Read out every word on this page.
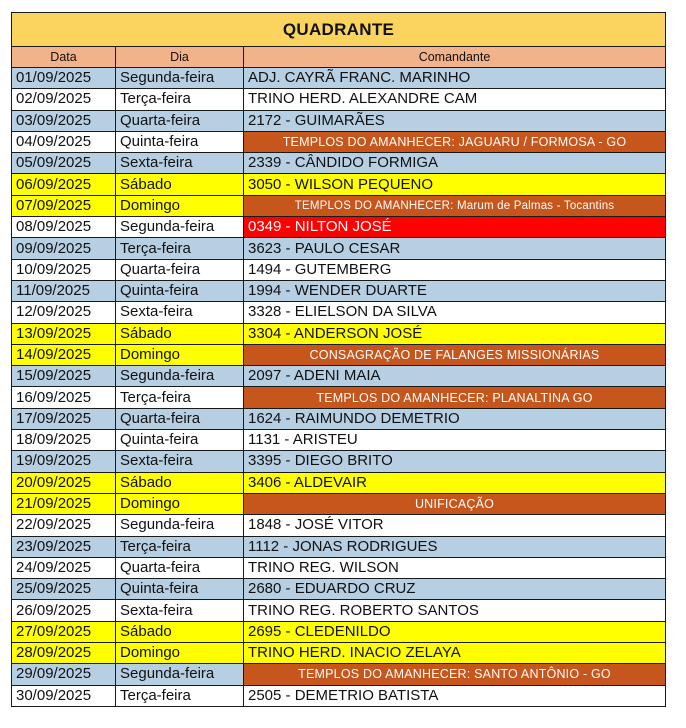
QUADRANTE		
Data	Dia	Comandante
01/09/2025	Segunda-feira	ADJ. CAYRÃ FRANC. MARINHO
02/09/2025	Terça-feira	TRINO HERD. ALEXANDRE CAM
03/09/2025	Quarta-feira	2172 - GUIMARÃES
04/09/2025	Quinta-feira	TEMPLOS DO AMANHECER: JAGUARU / FORMOSA - GO
05/09/2025	Sexta-feira	2339 - CÂNDIDO FORMIGA
06/09/2025	Sábado	3050 - WILSON PEQUENO
07/09/2025	Domingo	TEMPLOS DO AMANHECER: Marum de Palmas - Tocantins
08/09/2025	Segunda-feira	0349 - NILTON JOSÉ
09/09/2025	Terça-feira	3623 - PAULO CESAR
10/09/2025	Quarta-feira	1494 - GUTEMBERG
11/09/2025	Quinta-feira	1994 - WENDER DUARTE
12/09/2025	Sexta-feira	3328 - ELIELSON DA SILVA
13/09/2025	Sábado	3304 - ANDERSON JOSÉ
14/09/2025	Domingo	CONSAGRAÇÃO DE FALANGES MISSIONÁRIAS
15/09/2025	Segunda-feira	2097 - ADENI MAIA
16/09/2025	Terça-feira	TEMPLOS DO AMANHECER: PLANALTINA GO
17/09/2025	Quarta-feira	1624 - RAIMUNDO DEMETRIO
18/09/2025	Quinta-feira	1131 - ARISTEU
19/09/2025	Sexta-feira	3395 - DIEGO BRITO
20/09/2025	Sábado	3406 - ALDEVAIR
21/09/2025	Domingo	UNIFICAÇÃO
22/09/2025	Segunda-feira	1848 - JOSÉ VITOR
23/09/2025	Terça-feira	1112 - JONAS RODRIGUES
24/09/2025	Quarta-feira	TRINO REG. WILSON
25/09/2025	Quinta-feira	2680 - EDUARDO CRUZ
26/09/2025	Sexta-feira	TRINO REG. ROBERTO SANTOS
27/09/2025	Sábado	2695 - CLEDENILDO
28/09/2025	Domingo	TRINO HERD. INACIO ZELAYA
29/09/2025	Segunda-feira	TEMPLOS DO AMANHECER: SANTO ANTÔNIO - GO
30/09/2025	Terça-feira	2505 - DEMETRIO BATISTA
